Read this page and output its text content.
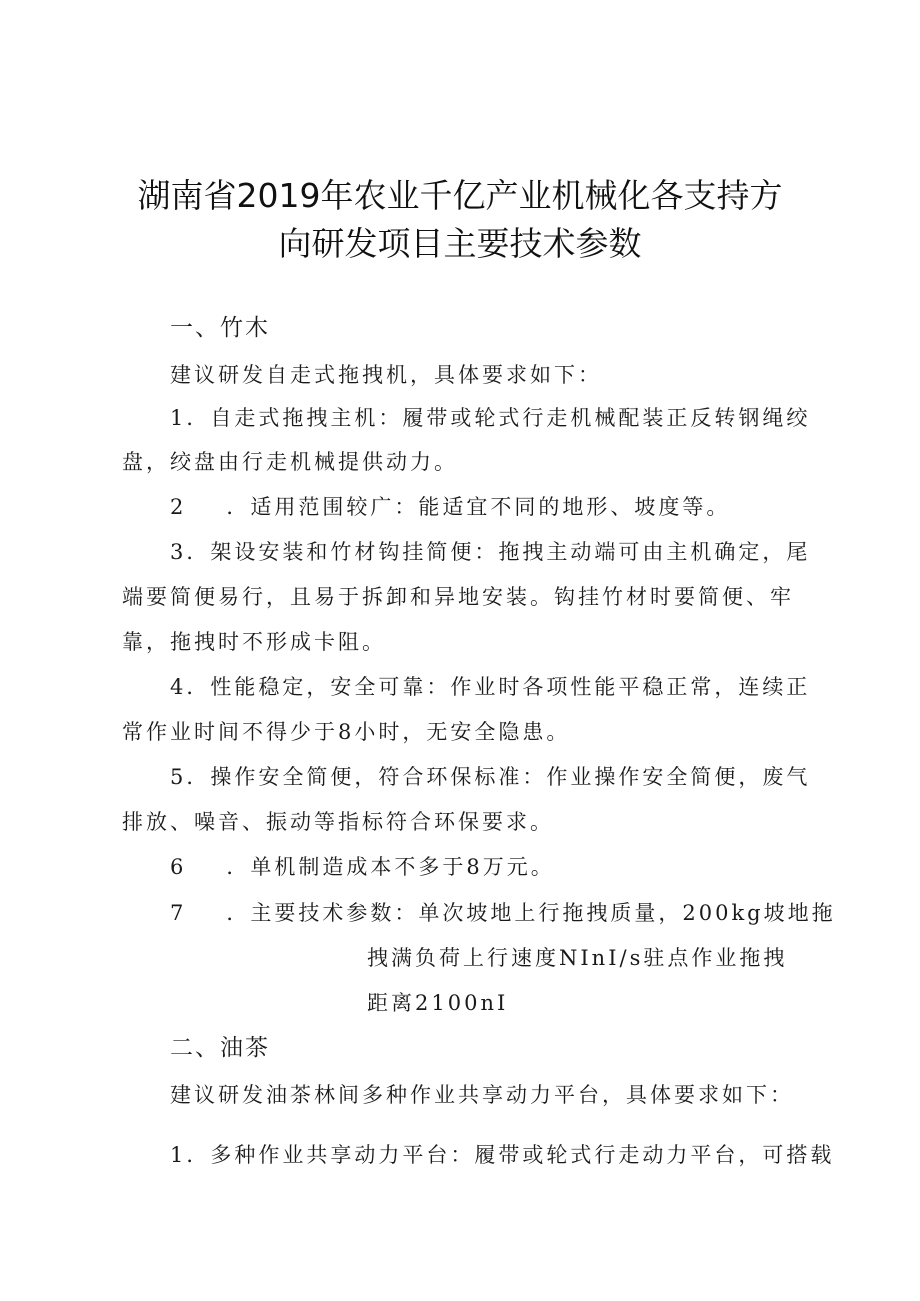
湖南省2019年农业千亿产业机械化各支持方
向研发项目主要技术参数
一、竹木
建议研发自走式拖拽机，具体要求如下：
1．自走式拖拽主机：履带或轮式行走机械配装正反转钢绳绞
盘，绞盘由行走机械提供动力。
2 ．适用范围较广：能适宜不同的地形、坡度等。
3．架设安装和竹材钩挂简便：拖拽主动端可由主机确定，尾
端要简便易行，且易于拆卸和异地安装。钩挂竹材时要简便、牢
靠，拖拽时不形成卡阻。
4．性能稳定，安全可靠：作业时各项性能平稳正常，连续正
常作业时间不得少于8小时，无安全隐患。
5．操作安全简便，符合环保标准：作业操作安全简便，废气
排放、噪音、振动等指标符合环保要求。
6 ．单机制造成本不多于8万元。
7 ．主要技术参数：单次坡地上行拖拽质量，200kg坡地拖
拽满负荷上行速度NInI/s驻点作业拖拽
距离2100nI
二、油茶
建议研发油茶林间多种作业共享动力平台，具体要求如下：
1．多种作业共享动力平台：履带或轮式行走动力平台，可搭载
